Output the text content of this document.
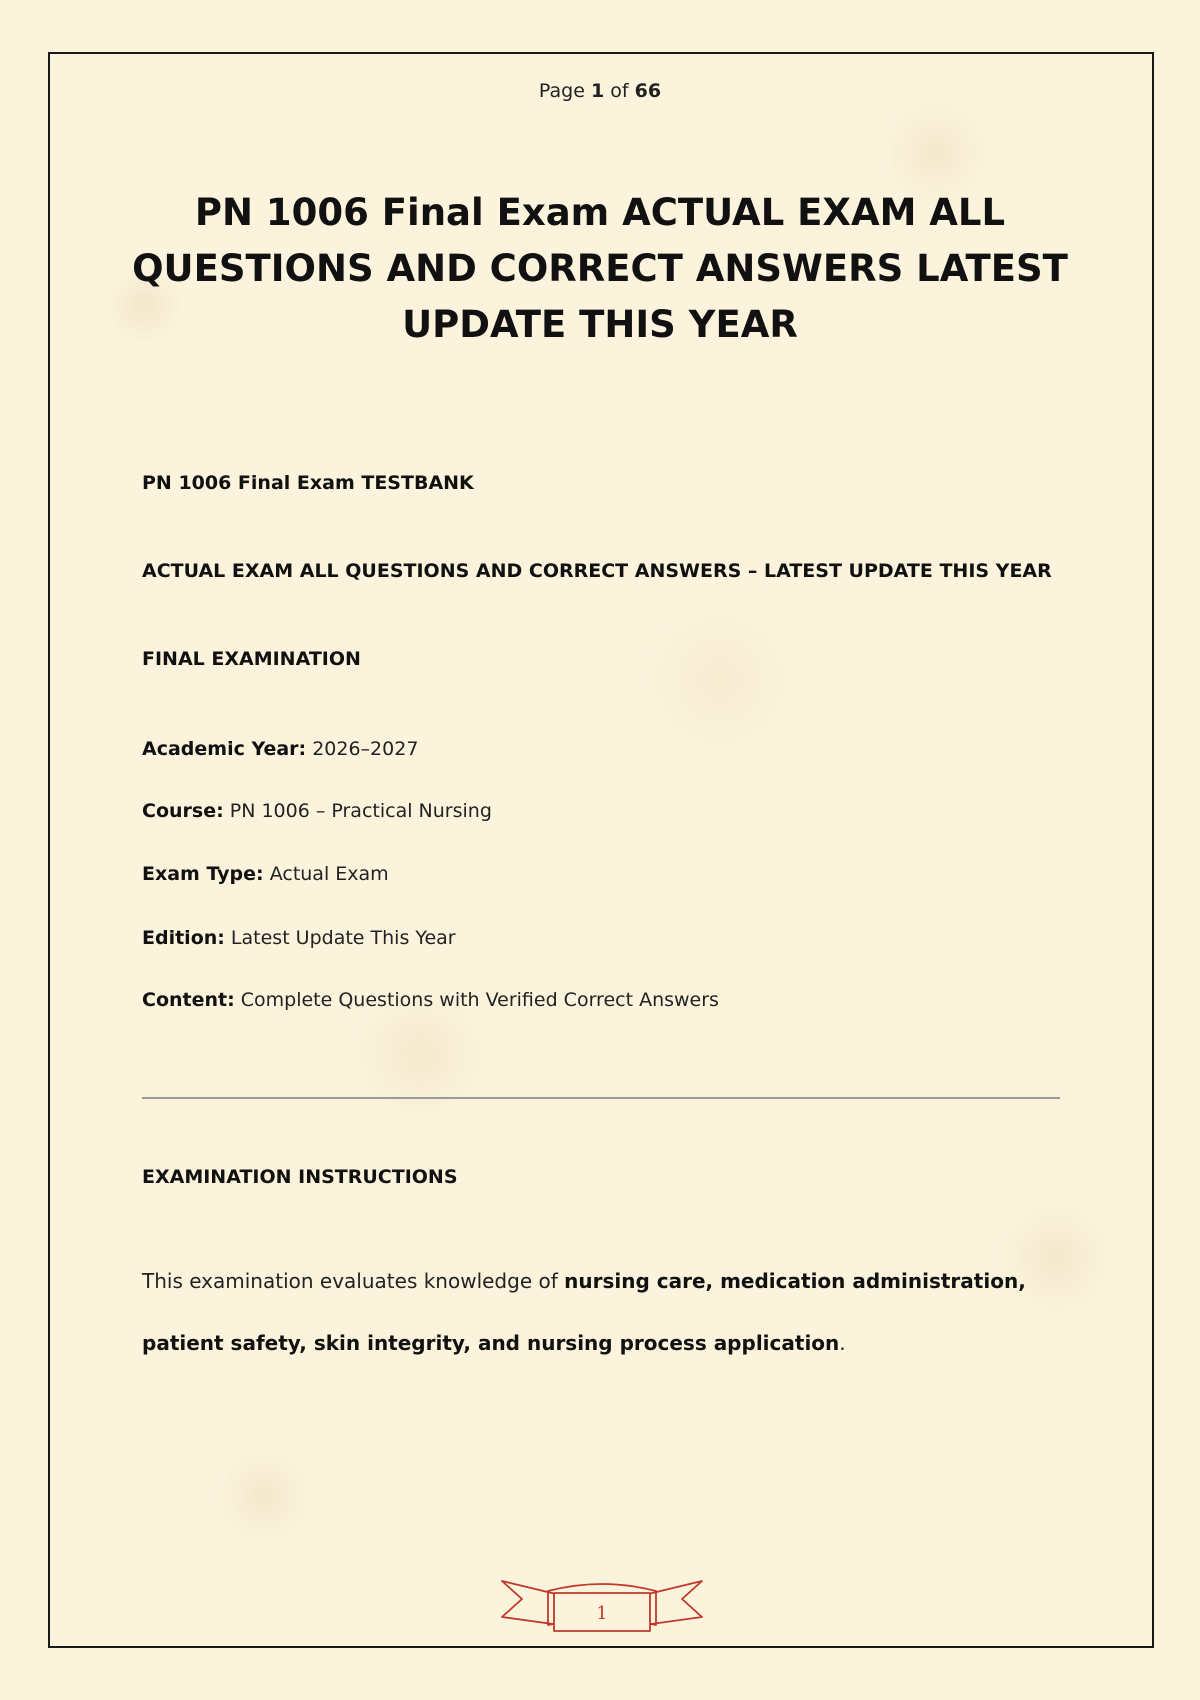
Page 1 of 66
PN 1006 Final Exam ACTUAL EXAM ALL QUESTIONS AND CORRECT ANSWERS LATEST UPDATE THIS YEAR

PN 1006 Final Exam TESTBANK

ACTUAL EXAM ALL QUESTIONS AND CORRECT ANSWERS – LATEST UPDATE THIS YEAR

FINAL EXAMINATION

Academic Year: 2026–2027

Course: PN 1006 – Practical Nursing

Exam Type: Actual Exam

Edition: Latest Update This Year

Content: Complete Questions with Verified Correct Answers

EXAMINATION INSTRUCTIONS

This examination evaluates knowledge of nursing care, medication administration, patient safety, skin integrity, and nursing process application.

1
